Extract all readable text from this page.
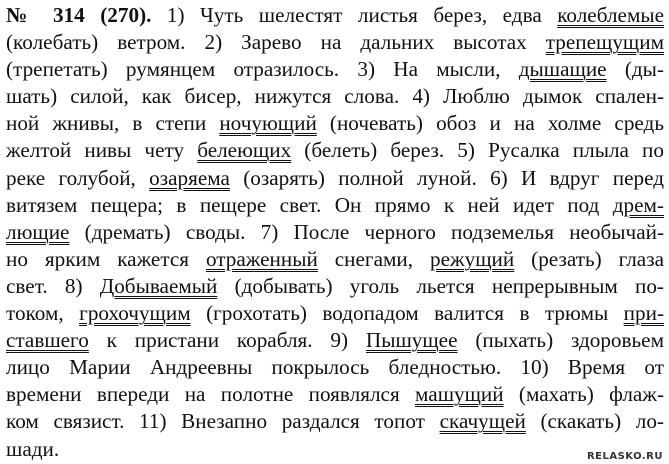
№ 314 (270). 1) Чуть шелестят листья берез, едва колеблемые
(колебать) ветром. 2) Зарево на дальних высотах трепещущим
(трепетать) румянцем отразилось. 3) На мысли, дышащие (ды-
шать) силой, как бисер, нижутся слова. 4) Люблю дымок спален-
ной жнивы, в степи ночующий (ночевать) обоз и на холме средь
желтой нивы чету белеющих (белеть) берез. 5) Русалка плыла по
реке голубой, озаряема (озарять) полной луной. 6) И вдруг перед
витязем пещера; в пещере свет. Он прямо к ней идет под дрем-
лющие (дремать) своды. 7) После черного подземелья необычай-
но ярким кажется отраженный снегами, режущий (резать) глаза
свет. 8) Добываемый (добывать) уголь льется непрерывным по-
током, грохочущим (грохотать) водопадом валится в трюмы при-
ставшего к пристани корабля. 9) Пышущее (пыхать) здоровьем
лицо Марии Андреевны покрылось бледностью. 10) Время от
времени впереди на полотне появлялся машущий (махать) флаж-
ком связист. 11) Внезапно раздался топот скачущей (скакать) ло-
шади.	RELASKO.RU
